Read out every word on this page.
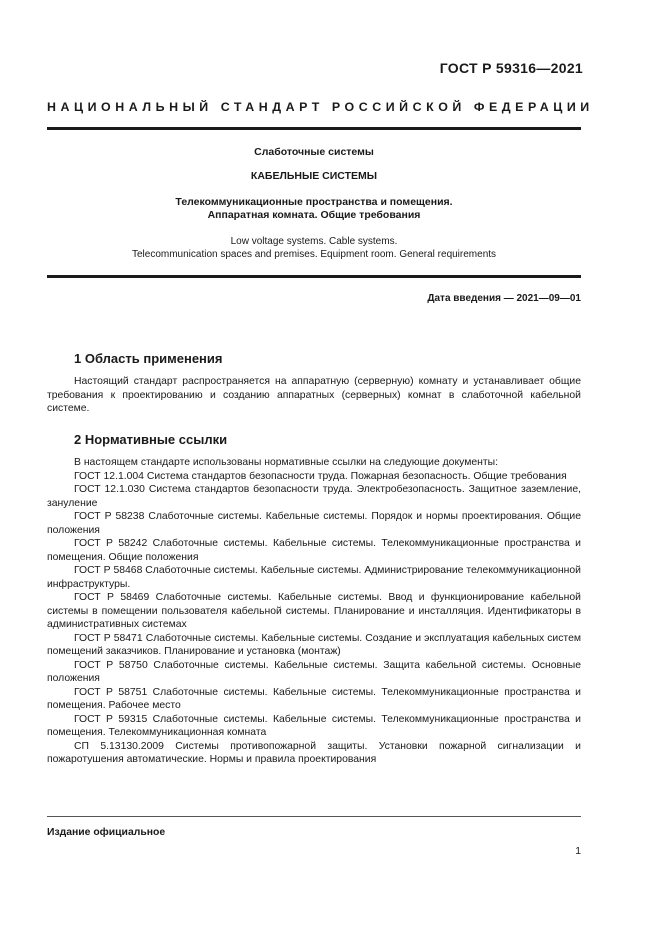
ГОСТ Р 59316—2021
НАЦИОНАЛЬНЫЙ СТАНДАРТ РОССИЙСКОЙ ФЕДЕРАЦИИ
Слаботочные системы
КАБЕЛЬНЫЕ СИСТЕМЫ
Телекоммуникационные пространства и помещения.
Аппаратная комната. Общие требования
Low voltage systems. Cable systems.
Telecommunication spaces and premises. Equipment room. General requirements
Дата введения — 2021—09—01
1 Область применения

Настоящий стандарт распространяется на аппаратную (серверную) комнату и устанавливает общие требования к проектированию и созданию аппаратных (серверных) комнат в слаботочной кабельной системе.

2 Нормативные ссылки

В настоящем стандарте использованы нормативные ссылки на следующие документы:

ГОСТ 12.1.004 Система стандартов безопасности труда. Пожарная безопасность. Общие требования

ГОСТ 12.1.030 Система стандартов безопасности труда. Электробезопасность. Защитное заземление, зануление

ГОСТ Р 58238 Слаботочные системы. Кабельные системы. Порядок и нормы проектирования. Общие положения

ГОСТ Р 58242 Слаботочные системы. Кабельные системы. Телекоммуникационные пространства и помещения. Общие положения

ГОСТ Р 58468 Слаботочные системы. Кабельные системы. Администрирование телекоммуникационной инфраструктуры.

ГОСТ Р 58469 Слаботочные системы. Кабельные системы. Ввод и функционирование кабельной системы в помещении пользователя кабельной системы. Планирование и инсталляция. Идентификаторы в административных системах

ГОСТ Р 58471 Слаботочные системы. Кабельные системы. Создание и эксплуатация кабельных систем помещений заказчиков. Планирование и установка (монтаж)

ГОСТ Р 58750 Слаботочные системы. Кабельные системы. Защита кабельной системы. Основные положения

ГОСТ Р 58751 Слаботочные системы. Кабельные системы. Телекоммуникационные пространства и помещения. Рабочее место

ГОСТ Р 59315 Слаботочные системы. Кабельные системы. Телекоммуникационные пространства и помещения. Телекоммуникационная комната

СП 5.13130.2009 Системы противопожарной защиты. Установки пожарной сигнализации и пожаротушения автоматические. Нормы и правила проектирования

Издание официальное
1
